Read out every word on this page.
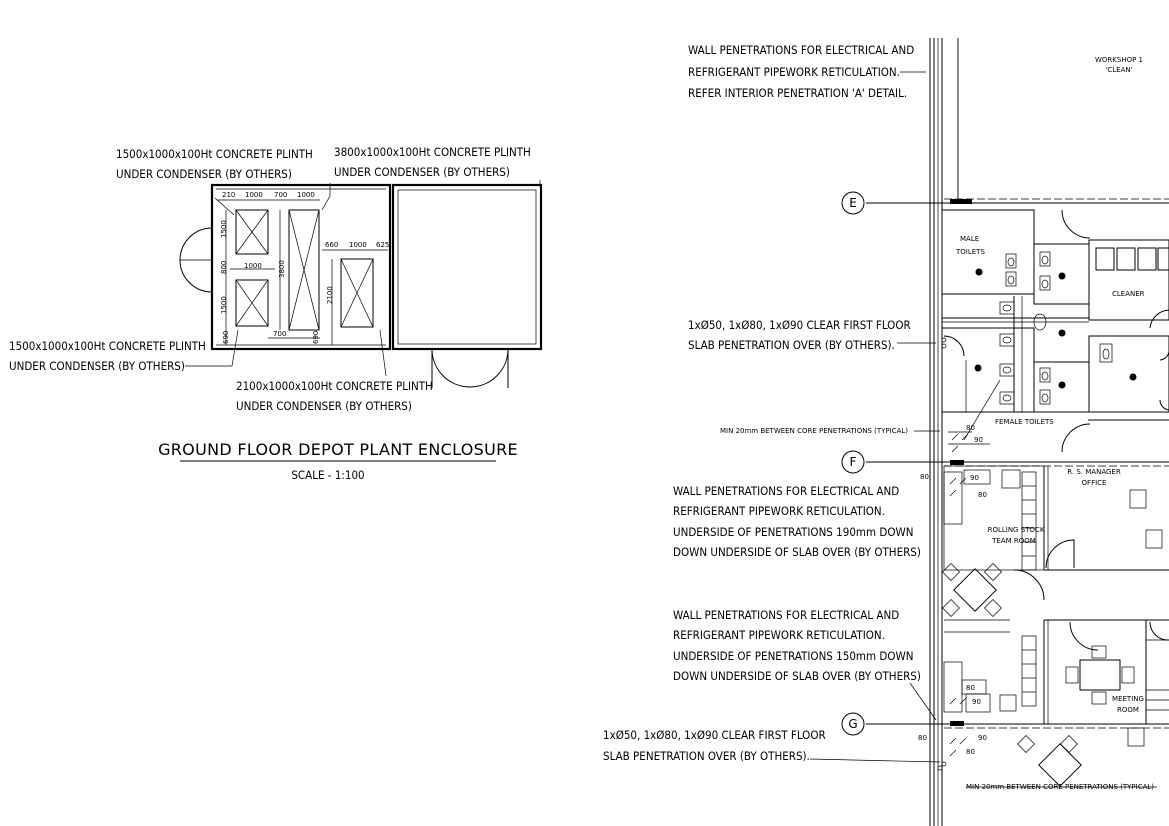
210 1000 700 1000
1500
800 1000
1500
690
3800
700	690
660 1000 625
2100
1500x1000x100Ht CONCRETE PLINTH
UNDER CONDENSER (BY OTHERS)
3800x1000x100Ht CONCRETE PLINTH
UNDER CONDENSER (BY OTHERS)
1500x1000x100Ht CONCRETE PLINTH
UNDER CONDENSER (BY OTHERS)
2100x1000x100Ht CONCRETE PLINTH
UNDER CONDENSER (BY OTHERS)
GROUND FLOOR DEPOT PLANT ENCLOSURE
SCALE - 1:100
E
F
G
WORKSHOP 1
'CLEAN'
MALE
TOILETS
CLEANER
FEMALE TOILETS
R. S. MANAGER
OFFICE
ROLLING STOCK
TEAM ROOM
MEETING
ROOM
80
90
80	90
80
80
90
80	90
80
WALL PENETRATIONS FOR ELECTRICAL AND
REFRIGERANT PIPEWORK RETICULATION.
REFER INTERIOR PENETRATION 'A' DETAIL.
1xØ50, 1xØ80, 1xØ90 CLEAR FIRST FLOOR
SLAB PENETRATION OVER (BY OTHERS).
MIN 20mm BETWEEN CORE PENETRATIONS (TYPICAL)
WALL PENETRATIONS FOR ELECTRICAL AND
REFRIGERANT PIPEWORK RETICULATION.
UNDERSIDE OF PENETRATIONS 190mm DOWN
DOWN UNDERSIDE OF SLAB OVER (BY OTHERS)
WALL PENETRATIONS FOR ELECTRICAL AND
REFRIGERANT PIPEWORK RETICULATION.
UNDERSIDE OF PENETRATIONS 150mm DOWN
DOWN UNDERSIDE OF SLAB OVER (BY OTHERS)
1xØ50, 1xØ80, 1xØ90 CLEAR FIRST FLOOR
SLAB PENETRATION OVER (BY OTHERS).
MIN 20mm BETWEEN CORE PENETRATIONS (TYPICAL)
